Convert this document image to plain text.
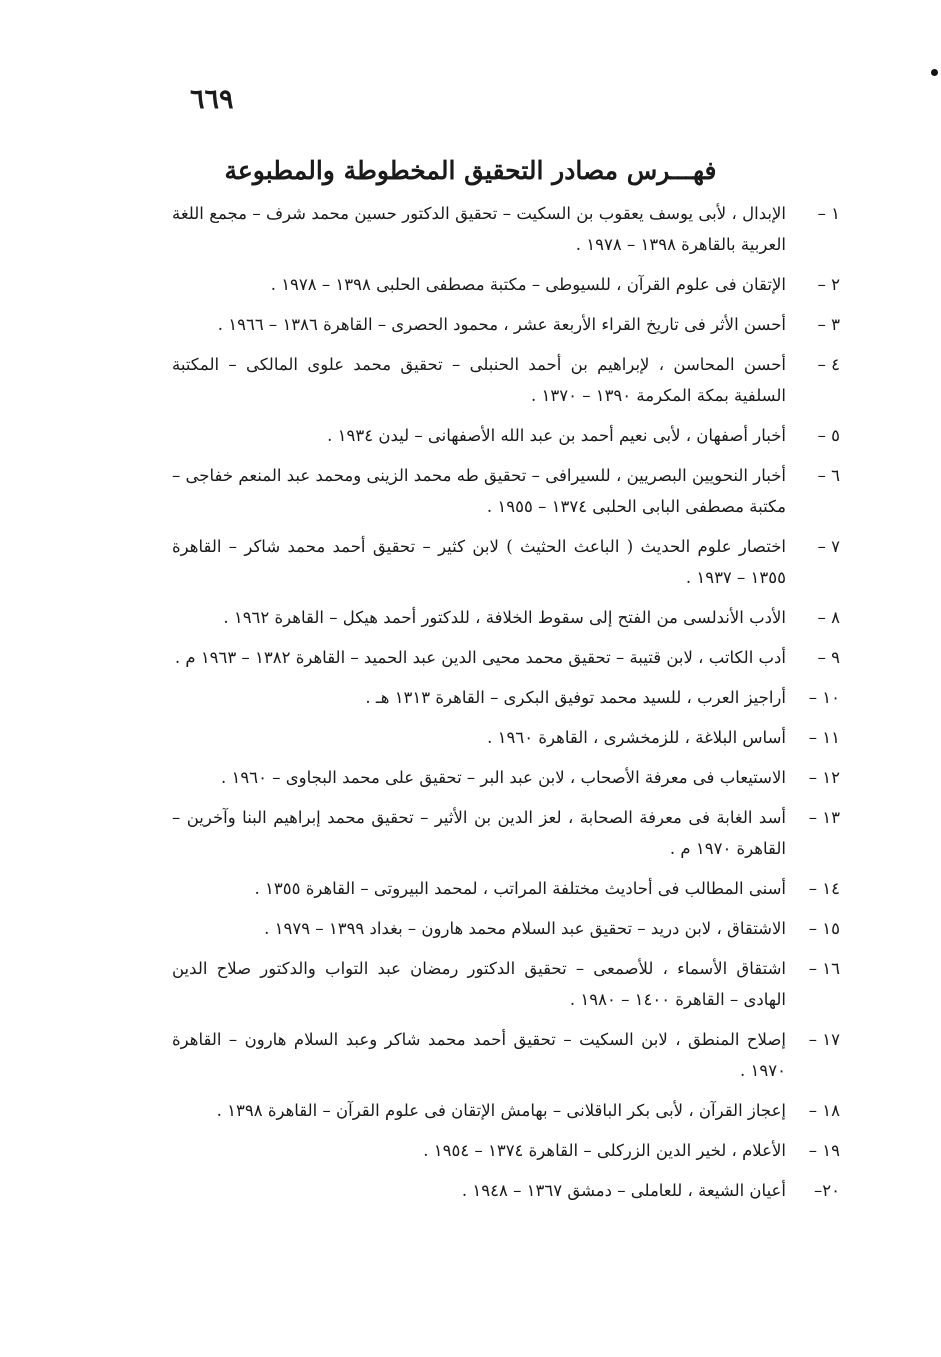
٦٦٩
فهـــرس مصادر التحقيق المخطوطة والمطبوعة
١ –
الإبدال ، لأبى يوسف يعقوب بن السكيت – تحقيق الدكتور حسين محمد شرف – مجمع اللغة العربية بالقاهرة ١٣٩٨ – ١٩٧٨ .
٢ –
الإتقان فى علوم القرآن ، للسيوطى – مكتبة مصطفى الحلبى ١٣٩٨ – ١٩٧٨ .
٣ –
أحسن الأثر فى تاريخ القراء الأربعة عشر ، محمود الحصرى – القاهرة ١٣٨٦ – ١٩٦٦ .
٤ –
أحسن المحاسن ، لإبراهيم بن أحمد الحنبلى – تحقيق محمد علوى المالكى – المكتبة السلفية بمكة المكرمة ١٣٩٠ – ١٣٧٠ .
٥ –
أخبار أصفهان ، لأبى نعيم أحمد بن عبد الله الأصفهانى – ليدن ١٩٣٤ .
٦ –
أخبار النحويين البصريين ، للسيرافى – تحقيق طه محمد الزينى ومحمد عبد المنعم خفاجى – مكتبة مصطفى البابى الحلبى ١٣٧٤ – ١٩٥٥ .
٧ –
اختصار علوم الحديث ( الباعث الحثيث ) لابن كثير – تحقيق أحمد محمد شاكر – القاهرة ١٣٥٥ – ١٩٣٧ .
٨ –
الأدب الأندلسى من الفتح إلى سقوط الخلافة ، للدكتور أحمد هيكل – القاهرة ١٩٦٢ .
٩ –
أدب الكاتب ، لابن قتيبة – تحقيق محمد محيى الدين عبد الحميد – القاهرة ١٣٨٢ – ١٩٦٣ م .
١٠ –
أراجيز العرب ، للسيد محمد توفيق البكرى – القاهرة ١٣١٣ هـ .
١١ –
أساس البلاغة ، للزمخشرى ، القاهرة ١٩٦٠ .
١٢ –
الاستيعاب فى معرفة الأصحاب ، لابن عبد البر – تحقيق على محمد البجاوى – ١٩٦٠ .
١٣ –
أسد الغابة فى معرفة الصحابة ، لعز الدين بن الأثير – تحقيق محمد إبراهيم البنا وآخرين – القاهرة ١٩٧٠ م .
١٤ –
أسنى المطالب فى أحاديث مختلفة المراتب ، لمحمد البيروتى – القاهرة ١٣٥٥ .
١٥ –
الاشتقاق ، لابن دريد – تحقيق عبد السلام محمد هارون – بغداد ١٣٩٩ – ١٩٧٩ .
١٦ –
اشتقاق الأسماء ، للأصمعى – تحقيق الدكتور رمضان عبد التواب والدكتور صلاح الدين الهادى – القاهرة ١٤٠٠ – ١٩٨٠ .
١٧ –
إصلاح المنطق ، لابن السكيت – تحقيق أحمد محمد شاكر وعبد السلام هارون – القاهرة ١٩٧٠ .
١٨ –
إعجاز القرآن ، لأبى بكر الباقلانى – بهامش الإتقان فى علوم القرآن – القاهرة ١٣٩٨ .
١٩ –
الأعلام ، لخير الدين الزركلى – القاهرة ١٣٧٤ – ١٩٥٤ .
٢٠–
أعيان الشيعة ، للعاملى – دمشق ١٣٦٧ – ١٩٤٨ .
